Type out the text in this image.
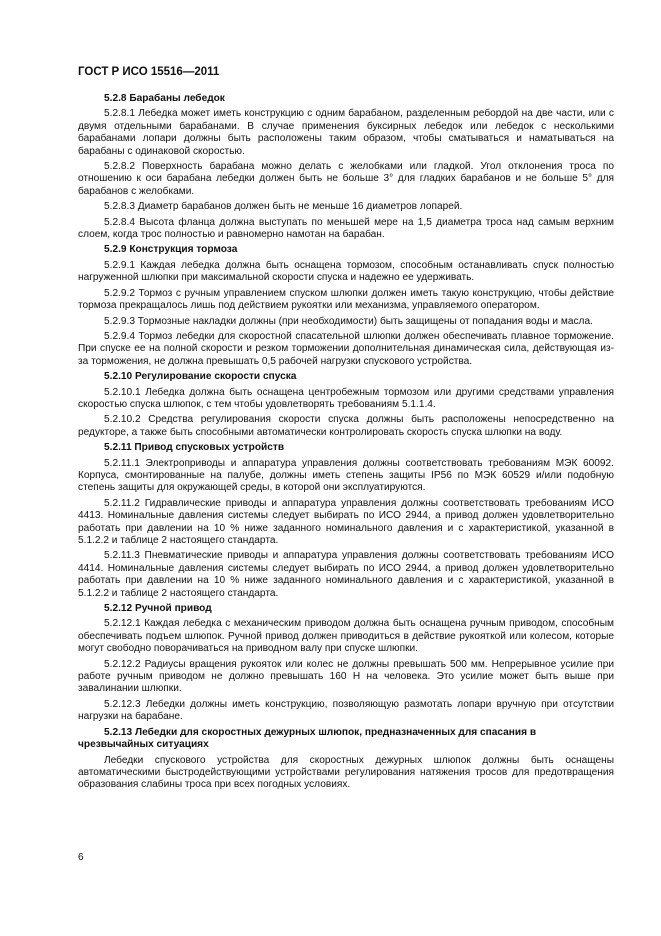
ГОСТ Р ИСО 15516—2011
5.2.8 Барабаны лебедок
5.2.8.1 Лебедка может иметь конструкцию с одним барабаном, разделенным ребордой на две части, или с двумя отдельными барабанами. В случае применения буксирных лебедок или лебедок с несколькими барабанами лопари должны быть расположены таким образом, чтобы сматываться и наматываться на барабаны с одинаковой скоростью.
5.2.8.2 Поверхность барабана можно делать с желобками или гладкой. Угол отклонения троса по отношению к оси барабана лебедки должен быть не больше 3° для гладких барабанов и не больше 5° для барабанов с желобками.
5.2.8.3 Диаметр барабанов должен быть не меньше 16 диаметров лопарей.
5.2.8.4 Высота фланца должна выступать по меньшей мере на 1,5 диаметра троса над самым верхним слоем, когда трос полностью и равномерно намотан на барабан.
5.2.9 Конструкция тормоза
5.2.9.1 Каждая лебедка должна быть оснащена тормозом, способным останавливать спуск полностью нагруженной шлюпки при максимальной скорости спуска и надежно ее удерживать.
5.2.9.2 Тормоз с ручным управлением спуском шлюпки должен иметь такую конструкцию, чтобы действие тормоза прекращалось лишь под действием рукоятки или механизма, управляемого оператором.
5.2.9.3 Тормозные накладки должны (при необходимости) быть защищены от попадания воды и масла.
5.2.9.4 Тормоз лебедки для скоростной спасательной шлюпки должен обеспечивать плавное торможение. При спуске ее на полной скорости и резком торможении дополнительная динамическая сила, действующая из-за торможения, не должна превышать 0,5 рабочей нагрузки спускового устройства.
5.2.10 Регулирование скорости спуска
5.2.10.1 Лебедка должна быть оснащена центробежным тормозом или другими средствами управления скоростью спуска шлюпок, с тем чтобы удовлетворять требованиям 5.1.1.4.
5.2.10.2 Средства регулирования скорости спуска должны быть расположены непосредственно на редукторе, а также быть способными автоматически контролировать скорость спуска шлюпки на воду.
5.2.11 Привод спусковых устройств
5.2.11.1 Электроприводы и аппаратура управления должны соответствовать требованиям МЭК 60092. Корпуса, смонтированные на палубе, должны иметь степень защиты IP56 по МЭК 60529 и/или подобную степень защиты для окружающей среды, в которой они эксплуатируются.
5.2.11.2 Гидравлические приводы и аппаратура управления должны соответствовать требованиям ИСО 4413. Номинальные давления системы следует выбирать по ИСО 2944, а привод должен удовлетворительно работать при давлении на 10 % ниже заданного номинального давления и с характеристикой, указанной в 5.1.2.2 и таблице 2 настоящего стандарта.
5.2.11.3 Пневматические приводы и аппаратура управления должны соответствовать требованиям ИСО 4414. Номинальные давления системы следует выбирать по ИСО 2944, а привод должен удовлетворительно работать при давлении на 10 % ниже заданного номинального давления и с характеристикой, указанной в 5.1.2.2 и таблице 2 настоящего стандарта.
5.2.12 Ручной привод
5.2.12.1 Каждая лебедка с механическим приводом должна быть оснащена ручным приводом, способным обеспечивать подъем шлюпок. Ручной привод должен приводиться в действие рукояткой или колесом, которые могут свободно поворачиваться на приводном валу при спуске шлюпки.
5.2.12.2 Радиусы вращения рукояток или колес не должны превышать 500 мм. Непрерывное усилие при работе ручным приводом не должно превышать 160 Н на человека. Это усилие может быть выше при завалинании шлюпки.
5.2.12.3 Лебедки должны иметь конструкцию, позволяющую размотать лопари вручную при отсутствии нагрузки на барабане.
5.2.13 Лебедки для скоростных дежурных шлюпок, предназначенных для спасания в чрезвычайных ситуациях
Лебедки спускового устройства для скоростных дежурных шлюпок должны быть оснащены автоматическими быстродействующими устройствами регулирования натяжения тросов для предотвращения образования слабины троса при всех погодных условиях.
6
